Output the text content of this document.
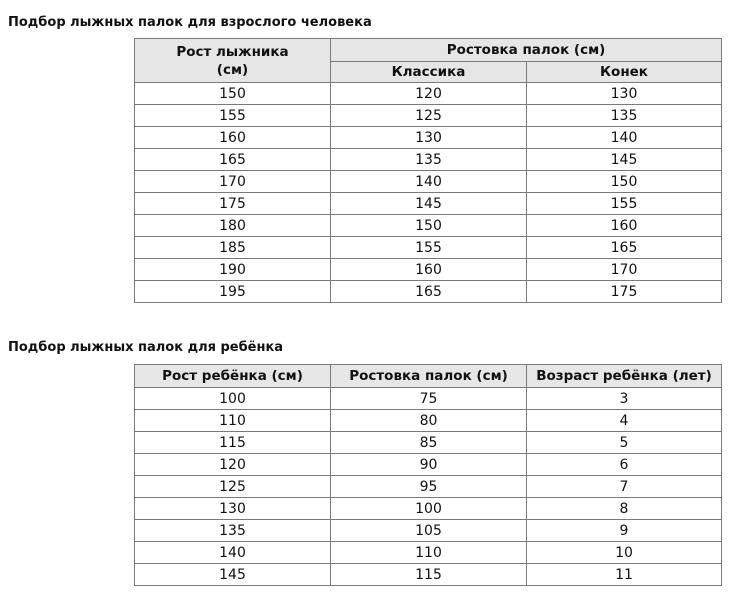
Подбор лыжных палок для взрослого человека
Рост лыжника (см)	Ростовка палок (см)	
	Классика	Конек
150	120	130
155	125	135
160	130	140
165	135	145
170	140	150
175	145	155
180	150	160
185	155	165
190	160	170
195	165	175
Подбор лыжных палок для ребёнка
Рост ребёнка (см)	Ростовка палок (см)	Возраст ребёнка (лет)
100	75	3
110	80	4
115	85	5
120	90	6
125	95	7
130	100	8
135	105	9
140	110	10
145	115	11
